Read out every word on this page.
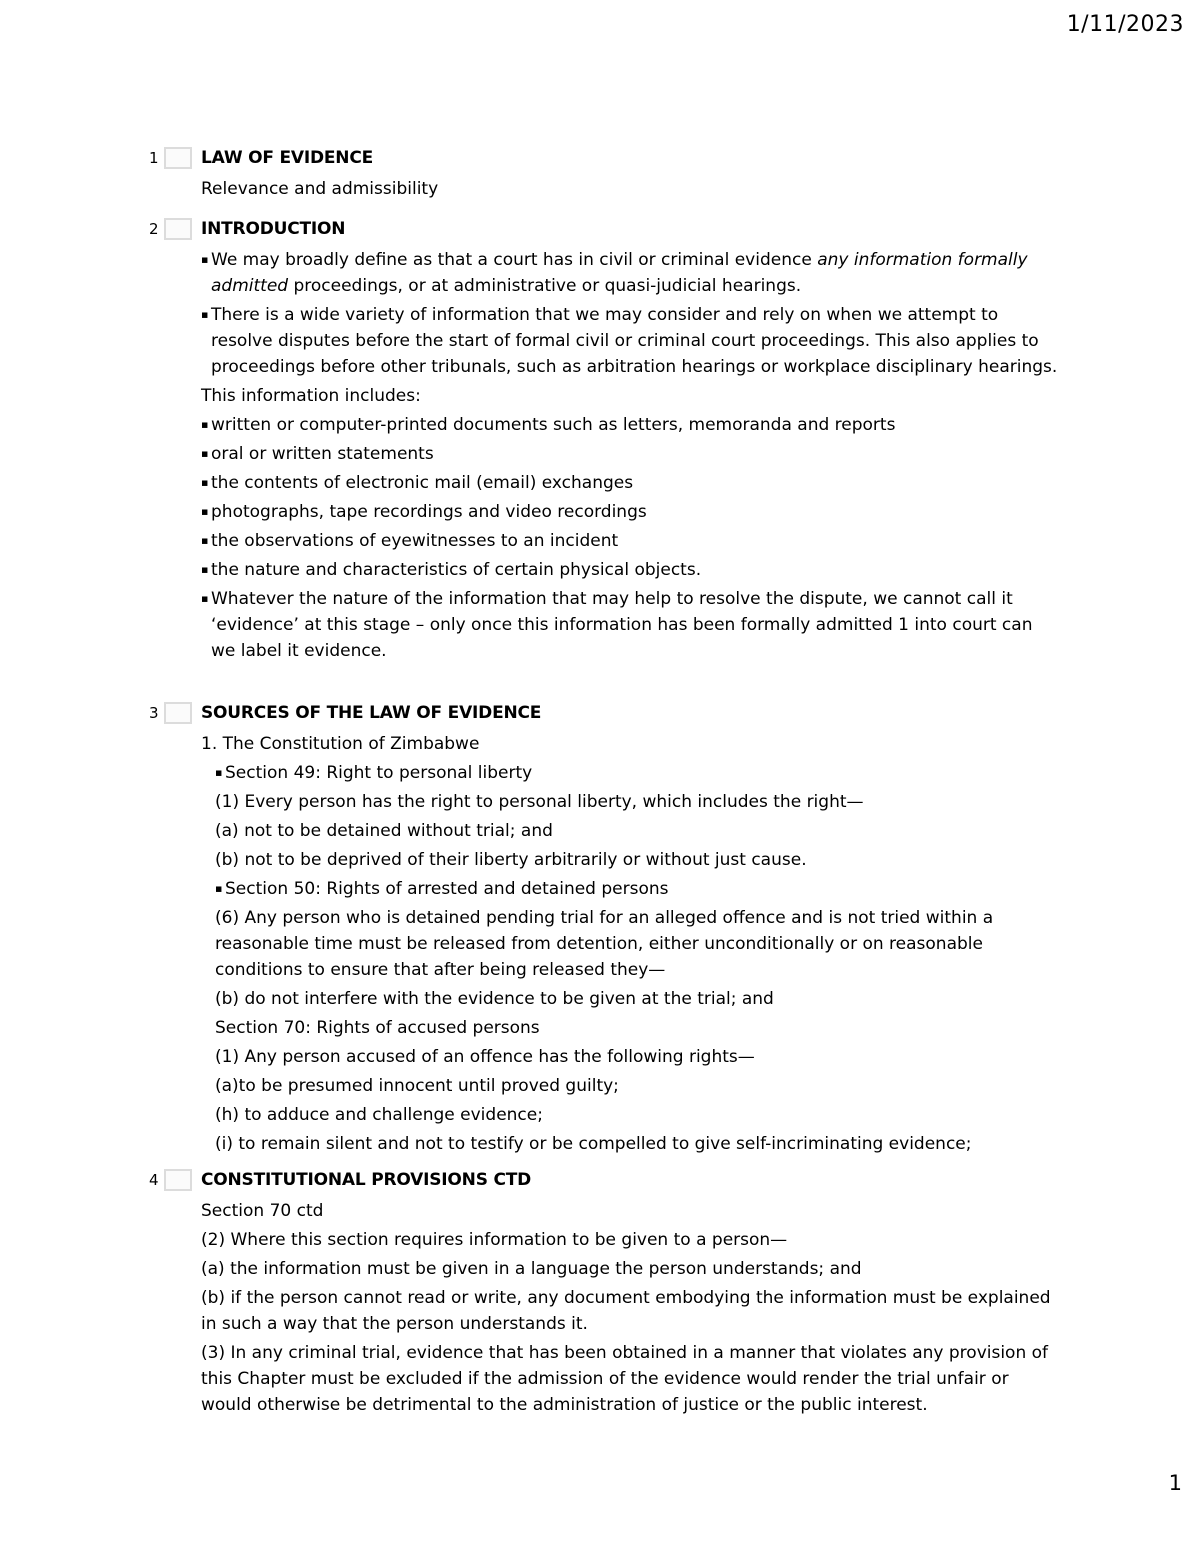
1/11/2023
1 LAW OF EVIDENCE
Relevance and admissibility
2 INTRODUCTION
▪ We may broadly define as that a court has in civil or criminal evidence any information formally admitted proceedings, or at administrative or quasi-judicial hearings.
▪ There is a wide variety of information that we may consider and rely on when we attempt to resolve disputes before the start of formal civil or criminal court proceedings. This also applies to proceedings before other tribunals, such as arbitration hearings or workplace disciplinary hearings.
This information includes:
▪ written or computer-printed documents such as letters, memoranda and reports
▪ oral or written statements
▪ the contents of electronic mail (email) exchanges
▪ photographs, tape recordings and video recordings
▪ the observations of eyewitnesses to an incident
▪ the nature and characteristics of certain physical objects.
▪ Whatever the nature of the information that may help to resolve the dispute, we cannot call it ‘evidence’ at this stage – only once this information has been formally admitted 1 into court can we label it evidence.
3 SOURCES OF THE LAW OF EVIDENCE
1. The Constitution of Zimbabwe
▪ Section 49: Right to personal liberty
(1) Every person has the right to personal liberty, which includes the right—
(a) not to be detained without trial; and
(b) not to be deprived of their liberty arbitrarily or without just cause.
▪ Section 50: Rights of arrested and detained persons
(6) Any person who is detained pending trial for an alleged offence and is not tried within a reasonable time must be released from detention, either unconditionally or on reasonable conditions to ensure that after being released they—
(b) do not interfere with the evidence to be given at the trial; and
Section 70: Rights of accused persons
(1) Any person accused of an offence has the following rights—
(a)to be presumed innocent until proved guilty;
(h) to adduce and challenge evidence;
(i) to remain silent and not to testify or be compelled to give self-incriminating evidence;
4 CONSTITUTIONAL PROVISIONS CTD
Section 70 ctd
(2) Where this section requires information to be given to a person—
(a) the information must be given in a language the person understands; and
(b) if the person cannot read or write, any document embodying the information must be explained in such a way that the person understands it.
(3) In any criminal trial, evidence that has been obtained in a manner that violates any provision of this Chapter must be excluded if the admission of the evidence would render the trial unfair or would otherwise be detrimental to the administration of justice or the public interest.
1
